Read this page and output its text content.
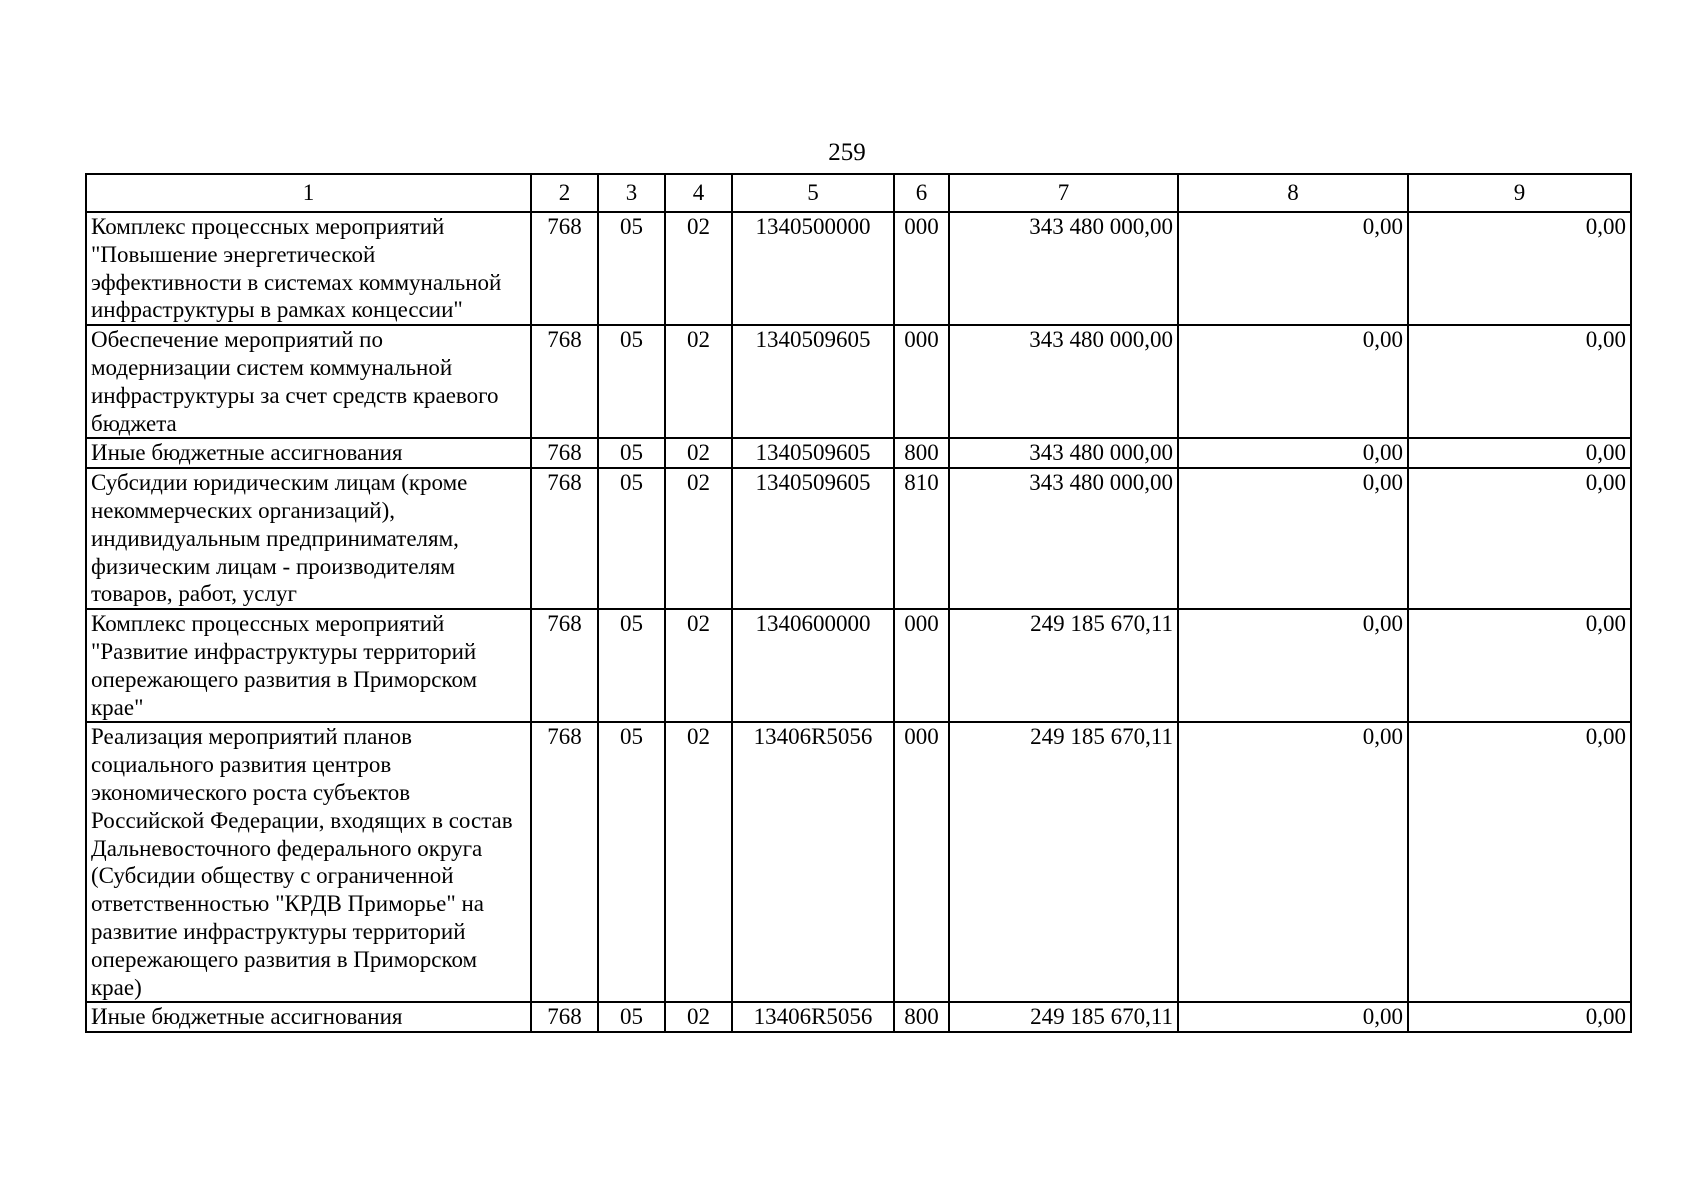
259
1	2	3	4	5	6	7	8	9
Комплекс процессных мероприятий "Повышение энергетической эффективности в системах коммунальной инфраструктуры в рамках концессии"	768	05	02	1340500000	000	343 480 000,00	0,00	0,00
Обеспечение мероприятий по модернизации систем коммунальной инфраструктуры за счет средств краевого бюджета	768	05	02	1340509605	000	343 480 000,00	0,00	0,00
Иные бюджетные ассигнования	768	05	02	1340509605	800	343 480 000,00	0,00	0,00
Субсидии юридическим лицам (кроме некоммерческих организаций), индивидуальным предпринимателям, физическим лицам - производителям товаров, работ, услуг	768	05	02	1340509605	810	343 480 000,00	0,00	0,00
Комплекс процессных мероприятий "Развитие инфраструктуры территорий опережающего развития в Приморском крае"	768	05	02	1340600000	000	249 185 670,11	0,00	0,00
Реализация мероприятий планов социального развития центров экономического роста субъектов Российской Федерации, входящих в состав Дальневосточного федерального округа (Субсидии обществу с ограниченной ответственностью "КРДВ Приморье" на развитие инфраструктуры территорий опережающего развития в Приморском крае)	768	05	02	13406R5056	000	249 185 670,11	0,00	0,00
Иные бюджетные ассигнования	768	05	02	13406R5056	800	249 185 670,11	0,00	0,00
